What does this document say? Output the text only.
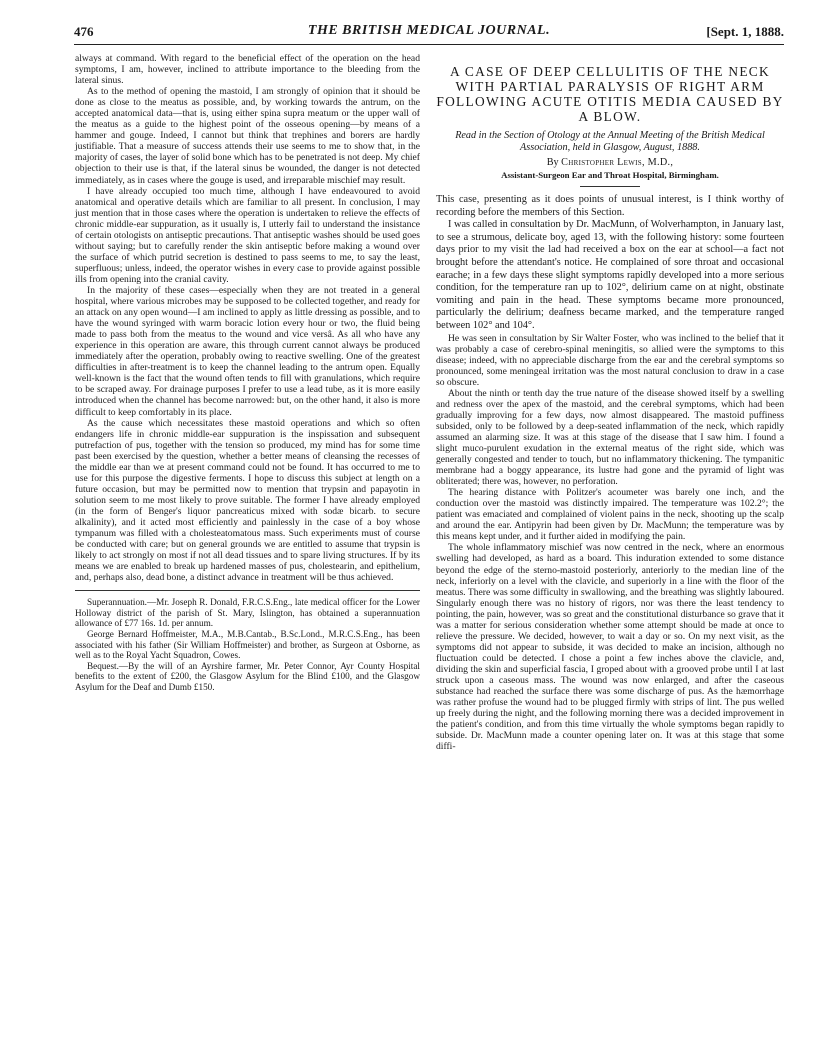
476	THE BRITISH MEDICAL JOURNAL.	[Sept. 1, 1888.

always at command. With regard to the beneficial effect of the operation on the head symptoms, I am, however, inclined to attribute importance to the bleeding from the lateral sinus.

As to the method of opening the mastoid, I am strongly of opinion that it should be done as close to the meatus as possible, and, by working towards the antrum, on the accepted anatomical data—that is, using either spina supra meatum or the upper wall of the meatus as a guide to the highest point of the osseous opening—by means of a hammer and gouge. Indeed, I cannot but think that trephines and borers are hardly justifiable. That a measure of success attends their use seems to me to show that, in the majority of cases, the layer of solid bone which has to be penetrated is not deep. My chief objection to their use is that, if the lateral sinus be wounded, the danger is not detected immediately, as in cases where the gouge is used, and irreparable mischief may result.

I have already occupied too much time, although I have endeavoured to avoid anatomical and operative details which are familiar to all present. In conclusion, I may just mention that in those cases where the operation is undertaken to relieve the effects of chronic middle-ear suppuration, as it usually is, I utterly fail to understand the insistance of certain otologists on antiseptic precautions. That antiseptic washes should be used goes without saying; but to carefully render the skin antiseptic before making a wound over the surface of which putrid secretion is destined to pass seems to me, to say the least, superfluous; unless, indeed, the operator wishes in every case to provide against possible ills from opening into the cranial cavity.

In the majority of these cases—especially when they are not treated in a general hospital, where various microbes may be supposed to be collected together, and ready for an attack on any open wound—I am inclined to apply as little dressing as possible, and to have the wound syringed with warm boracic lotion every hour or two, the fluid being made to pass both from the meatus to the wound and vice versâ. As all who have any experience in this operation are aware, this through current cannot always be produced immediately after the operation, probably owing to reactive swelling. One of the greatest difficulties in after-treatment is to keep the channel leading to the antrum open. Equally well-known is the fact that the wound often tends to fill with granulations, which require to be scraped away. For drainage purposes I prefer to use a lead tube, as it is more easily introduced when the channel has become narrowed: but, on the other hand, it also is more difficult to keep comfortably in its place.

As the cause which necessitates these mastoid operations and which so often endangers life in chronic middle-ear suppuration is the inspissation and subsequent putrefaction of pus, together with the tension so produced, my mind has for some time past been exercised by the question, whether a better means of cleansing the recesses of the middle ear than we at present command could not be found. It has occurred to me to use for this purpose the digestive ferments. I hope to discuss this subject at length on a future occasion, but may be permitted now to mention that trypsin and papayotin in solution seem to me most likely to prove suitable. The former I have already employed (in the form of Benger's liquor pancreaticus mixed with sodæ bicarb. to secure alkalinity), and it acted most efficiently and painlessly in the case of a boy whose tympanum was filled with a cholesteatomatous mass. Such experiments must of course be conducted with care; but on general grounds we are entitled to assume that trypsin is likely to act strongly on most if not all dead tissues and to spare living structures. If by its means we are enabled to break up hardened masses of pus, cholestearin, and epithelium, and, perhaps also, dead bone, a distinct advance in treatment will be thus achieved.

Superannuation.—Mr. Joseph R. Donald, F.R.C.S.Eng., late medical officer for the Lower Holloway district of the parish of St. Mary, Islington, has obtained a superannuation allowance of £77 16s. 1d. per annum.

George Bernard Hoffmeister, M.A., M.B.Cantab., B.Sc.Lond., M.R.C.S.Eng., has been associated with his father (Sir William Hoffmeister) and brother, as Surgeon at Osborne, as well as to the Royal Yacht Squadron, Cowes.

Bequest.—By the will of an Ayrshire farmer, Mr. Peter Connor, Ayr County Hospital benefits to the extent of £200, the Glasgow Asylum for the Blind £100, and the Glasgow Asylum for the Deaf and Dumb £150.

A CASE OF DEEP CELLULITIS OF THE NECK WITH PARTIAL PARALYSIS OF RIGHT ARM FOLLOWING ACUTE OTITIS MEDIA CAUSED BY A BLOW.
Read in the Section of Otology at the Annual Meeting of the British Medical Association, held in Glasgow, August, 1888.
By Christopher Lewis, M.D.,
Assistant-Surgeon Ear and Throat Hospital, Birmingham.

This case, presenting as it does points of unusual interest, is I think worthy of recording before the members of this Section.

I was called in consultation by Dr. MacMunn, of Wolverhampton, in January last, to see a strumous, delicate boy, aged 13, with the following history: some fourteen days prior to my visit the lad had received a box on the ear at school—a fact not brought before the attendant's notice. He complained of sore throat and occasional earache; in a few days these slight symptoms rapidly developed into a more serious condition, for the temperature ran up to 102°, delirium came on at night, obstinate vomiting and pain in the head. These symptoms became more pronounced, particularly the delirium; deafness became marked, and the temperature ranged between 102° and 104°.

He was seen in consultation by Sir Walter Foster, who was inclined to the belief that it was probably a case of cerebro-spinal meningitis, so allied were the symptoms to this disease; indeed, with no appreciable discharge from the ear and the cerebral symptoms so pronounced, some meningeal irritation was the most natural conclusion to draw in a case so obscure.

About the ninth or tenth day the true nature of the disease showed itself by a swelling and redness over the apex of the mastoid, and the cerebral symptoms, which had been gradually improving for a few days, now almost disappeared. The mastoid puffiness subsided, only to be followed by a deep-seated inflammation of the neck, which rapidly assumed an alarming size. It was at this stage of the disease that I saw him. I found a slight muco-purulent exudation in the external meatus of the right side, which was generally congested and tender to touch, but no inflammatory thickening. The tympanitic membrane had a boggy appearance, its lustre had gone and the pyramid of light was obliterated; there was, however, no perforation.

The hearing distance with Politzer's acoumeter was barely one inch, and the conduction over the mastoid was distinctly impaired. The temperature was 102.2°; the patient was emaciated and complained of violent pains in the neck, shooting up the scalp and around the ear. Antipyrin had been given by Dr. MacMunn; the temperature was by this means kept under, and it further aided in modifying the pain.

The whole inflammatory mischief was now centred in the neck, where an enormous swelling had developed, as hard as a board. This induration extended to some distance beyond the edge of the sterno-mastoid posteriorly, anteriorly to the median line of the neck, inferiorly on a level with the clavicle, and superiorly in a line with the floor of the meatus. There was some difficulty in swallowing, and the breathing was slightly laboured. Singularly enough there was no history of rigors, nor was there the least tendency to pointing, the pain, however, was so great and the constitutional disturbance so grave that it was a matter for serious consideration whether some attempt should be made at once to relieve the pressure. We decided, however, to wait a day or so. On my next visit, as the symptoms did not appear to subside, it was decided to make an incision, although no fluctuation could be detected. I chose a point a few inches above the clavicle, and, dividing the skin and superficial fascia, I groped about with a grooved probe until I at last struck upon a caseous mass. The wound was now enlarged, and after the caseous substance had reached the surface there was some discharge of pus. As the hæmorrhage was rather profuse the wound had to be plugged firmly with strips of lint. The pus welled up freely during the night, and the following morning there was a decided improvement in the patient's condition, and from this time virtually the whole symptoms began rapidly to subside. Dr. MacMunn made a counter opening later on. It was at this stage that some diffi-
